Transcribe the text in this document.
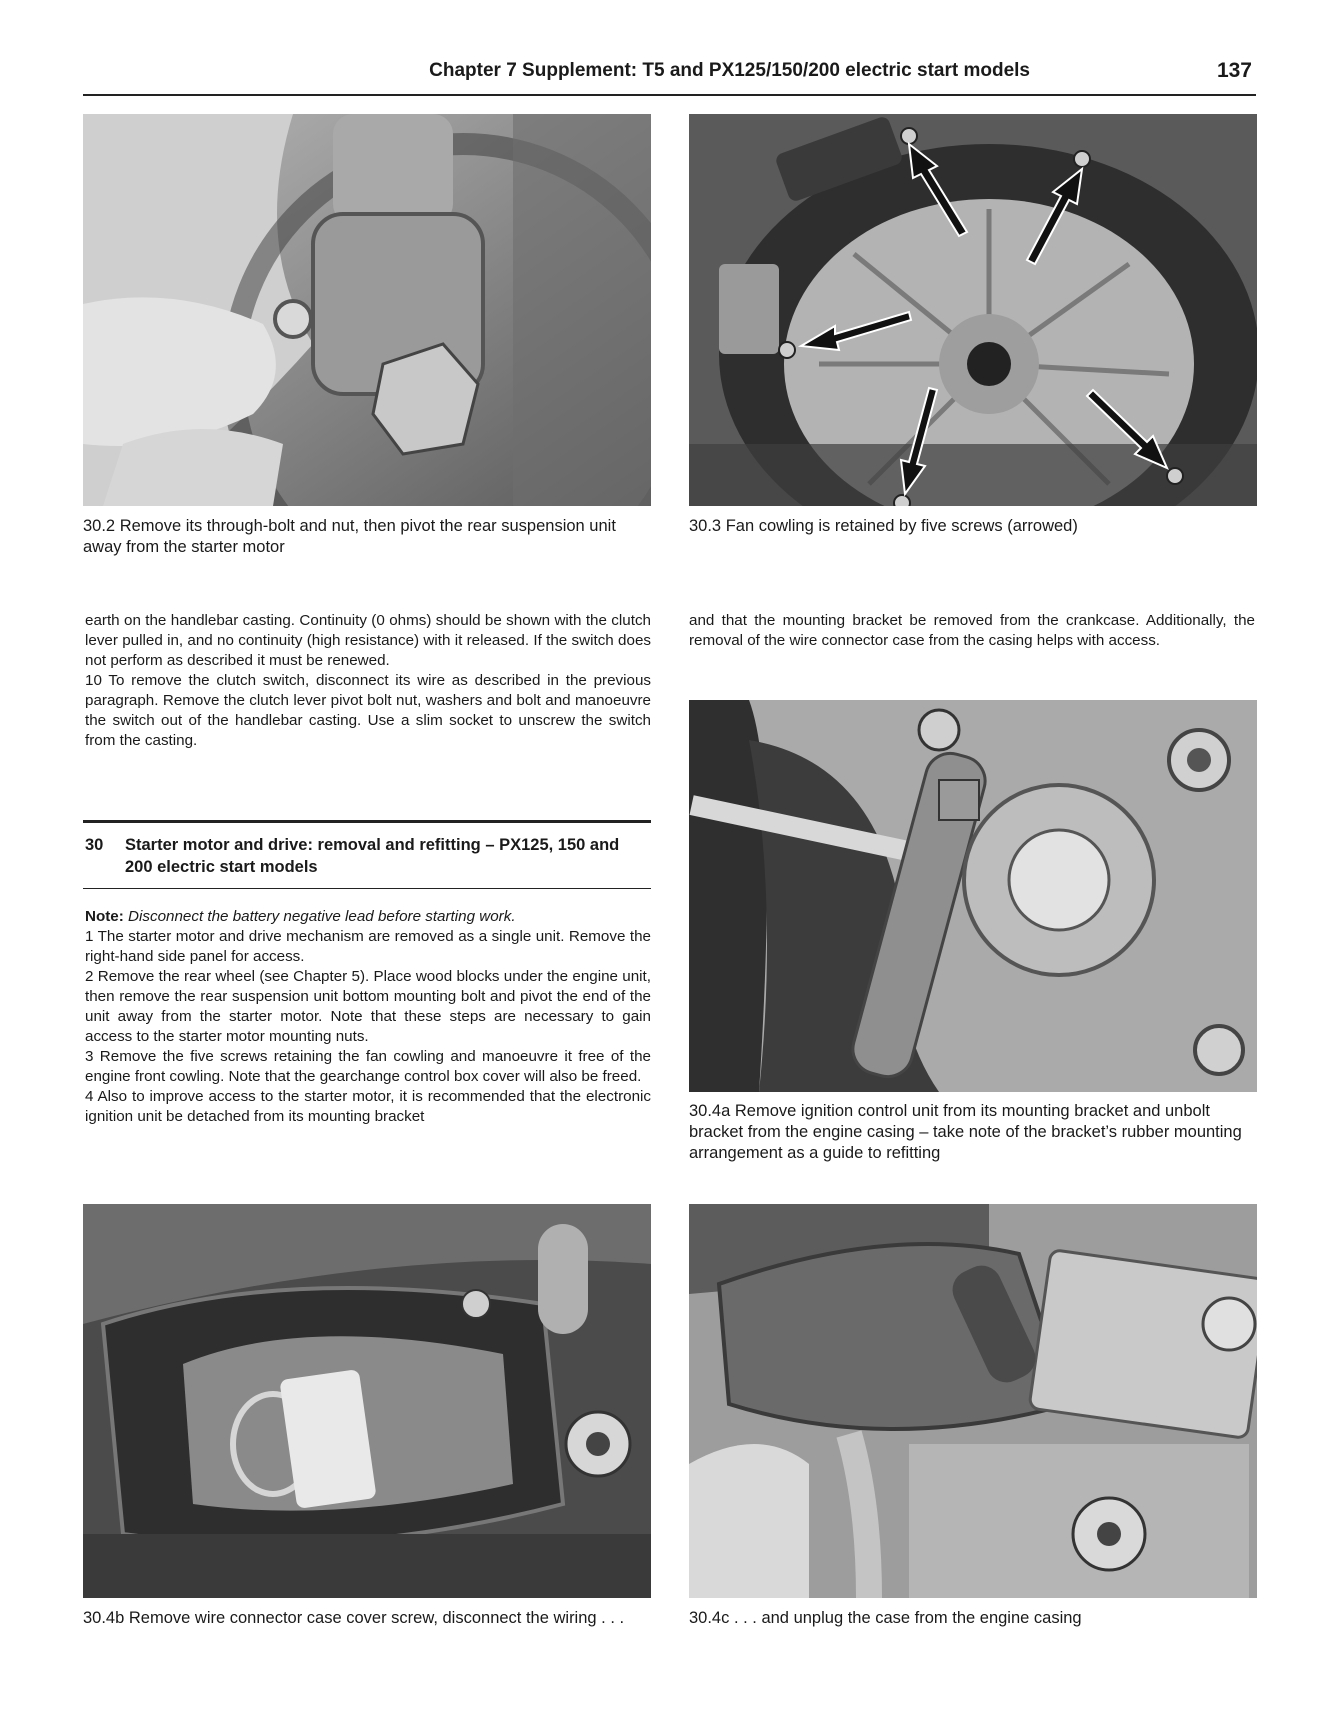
Chapter 7 Supplement: T5 and PX125/150/200 electric start models	137
30.2 Remove its through-bolt and nut, then pivot the rear suspension unit away from the starter motor
30.3 Fan cowling is retained by five screws (arrowed)

earth on the handlebar casting. Continuity (0 ohms) should be shown with the clutch lever pulled in, and no continuity (high resistance) with it released. If the switch does not perform as described it must be renewed.

10 To remove the clutch switch, disconnect its wire as described in the previous paragraph. Remove the clutch lever pivot bolt nut, washers and bolt and manoeuvre the switch out of the handlebar casting. Use a slim socket to unscrew the switch from the casting.

30 Starter motor and drive: removal and refitting – PX125, 150 and 200 electric start models

Note: Disconnect the battery negative lead before starting work.

1 The starter motor and drive mechanism are removed as a single unit. Remove the right-hand side panel for access.

2 Remove the rear wheel (see Chapter 5). Place wood blocks under the engine unit, then remove the rear suspension unit bottom mounting bolt and pivot the end of the unit away from the starter motor. Note that these steps are necessary to gain access to the starter motor mounting nuts.

3 Remove the five screws retaining the fan cowling and manoeuvre it free of the engine front cowling. Note that the gearchange control box cover will also be freed.

4 Also to improve access to the starter motor, it is recommended that the electronic ignition unit be detached from its mounting bracket

and that the mounting bracket be removed from the crankcase. Additionally, the removal of the wire connector case from the casing helps with access.

30.4a Remove ignition control unit from its mounting bracket and unbolt bracket from the engine casing – take note of the bracket’s rubber mounting arrangement as a guide to refitting
30.4b Remove wire connector case cover screw, disconnect the wiring . . .	30.4c . . . and unplug the case from the engine casing
